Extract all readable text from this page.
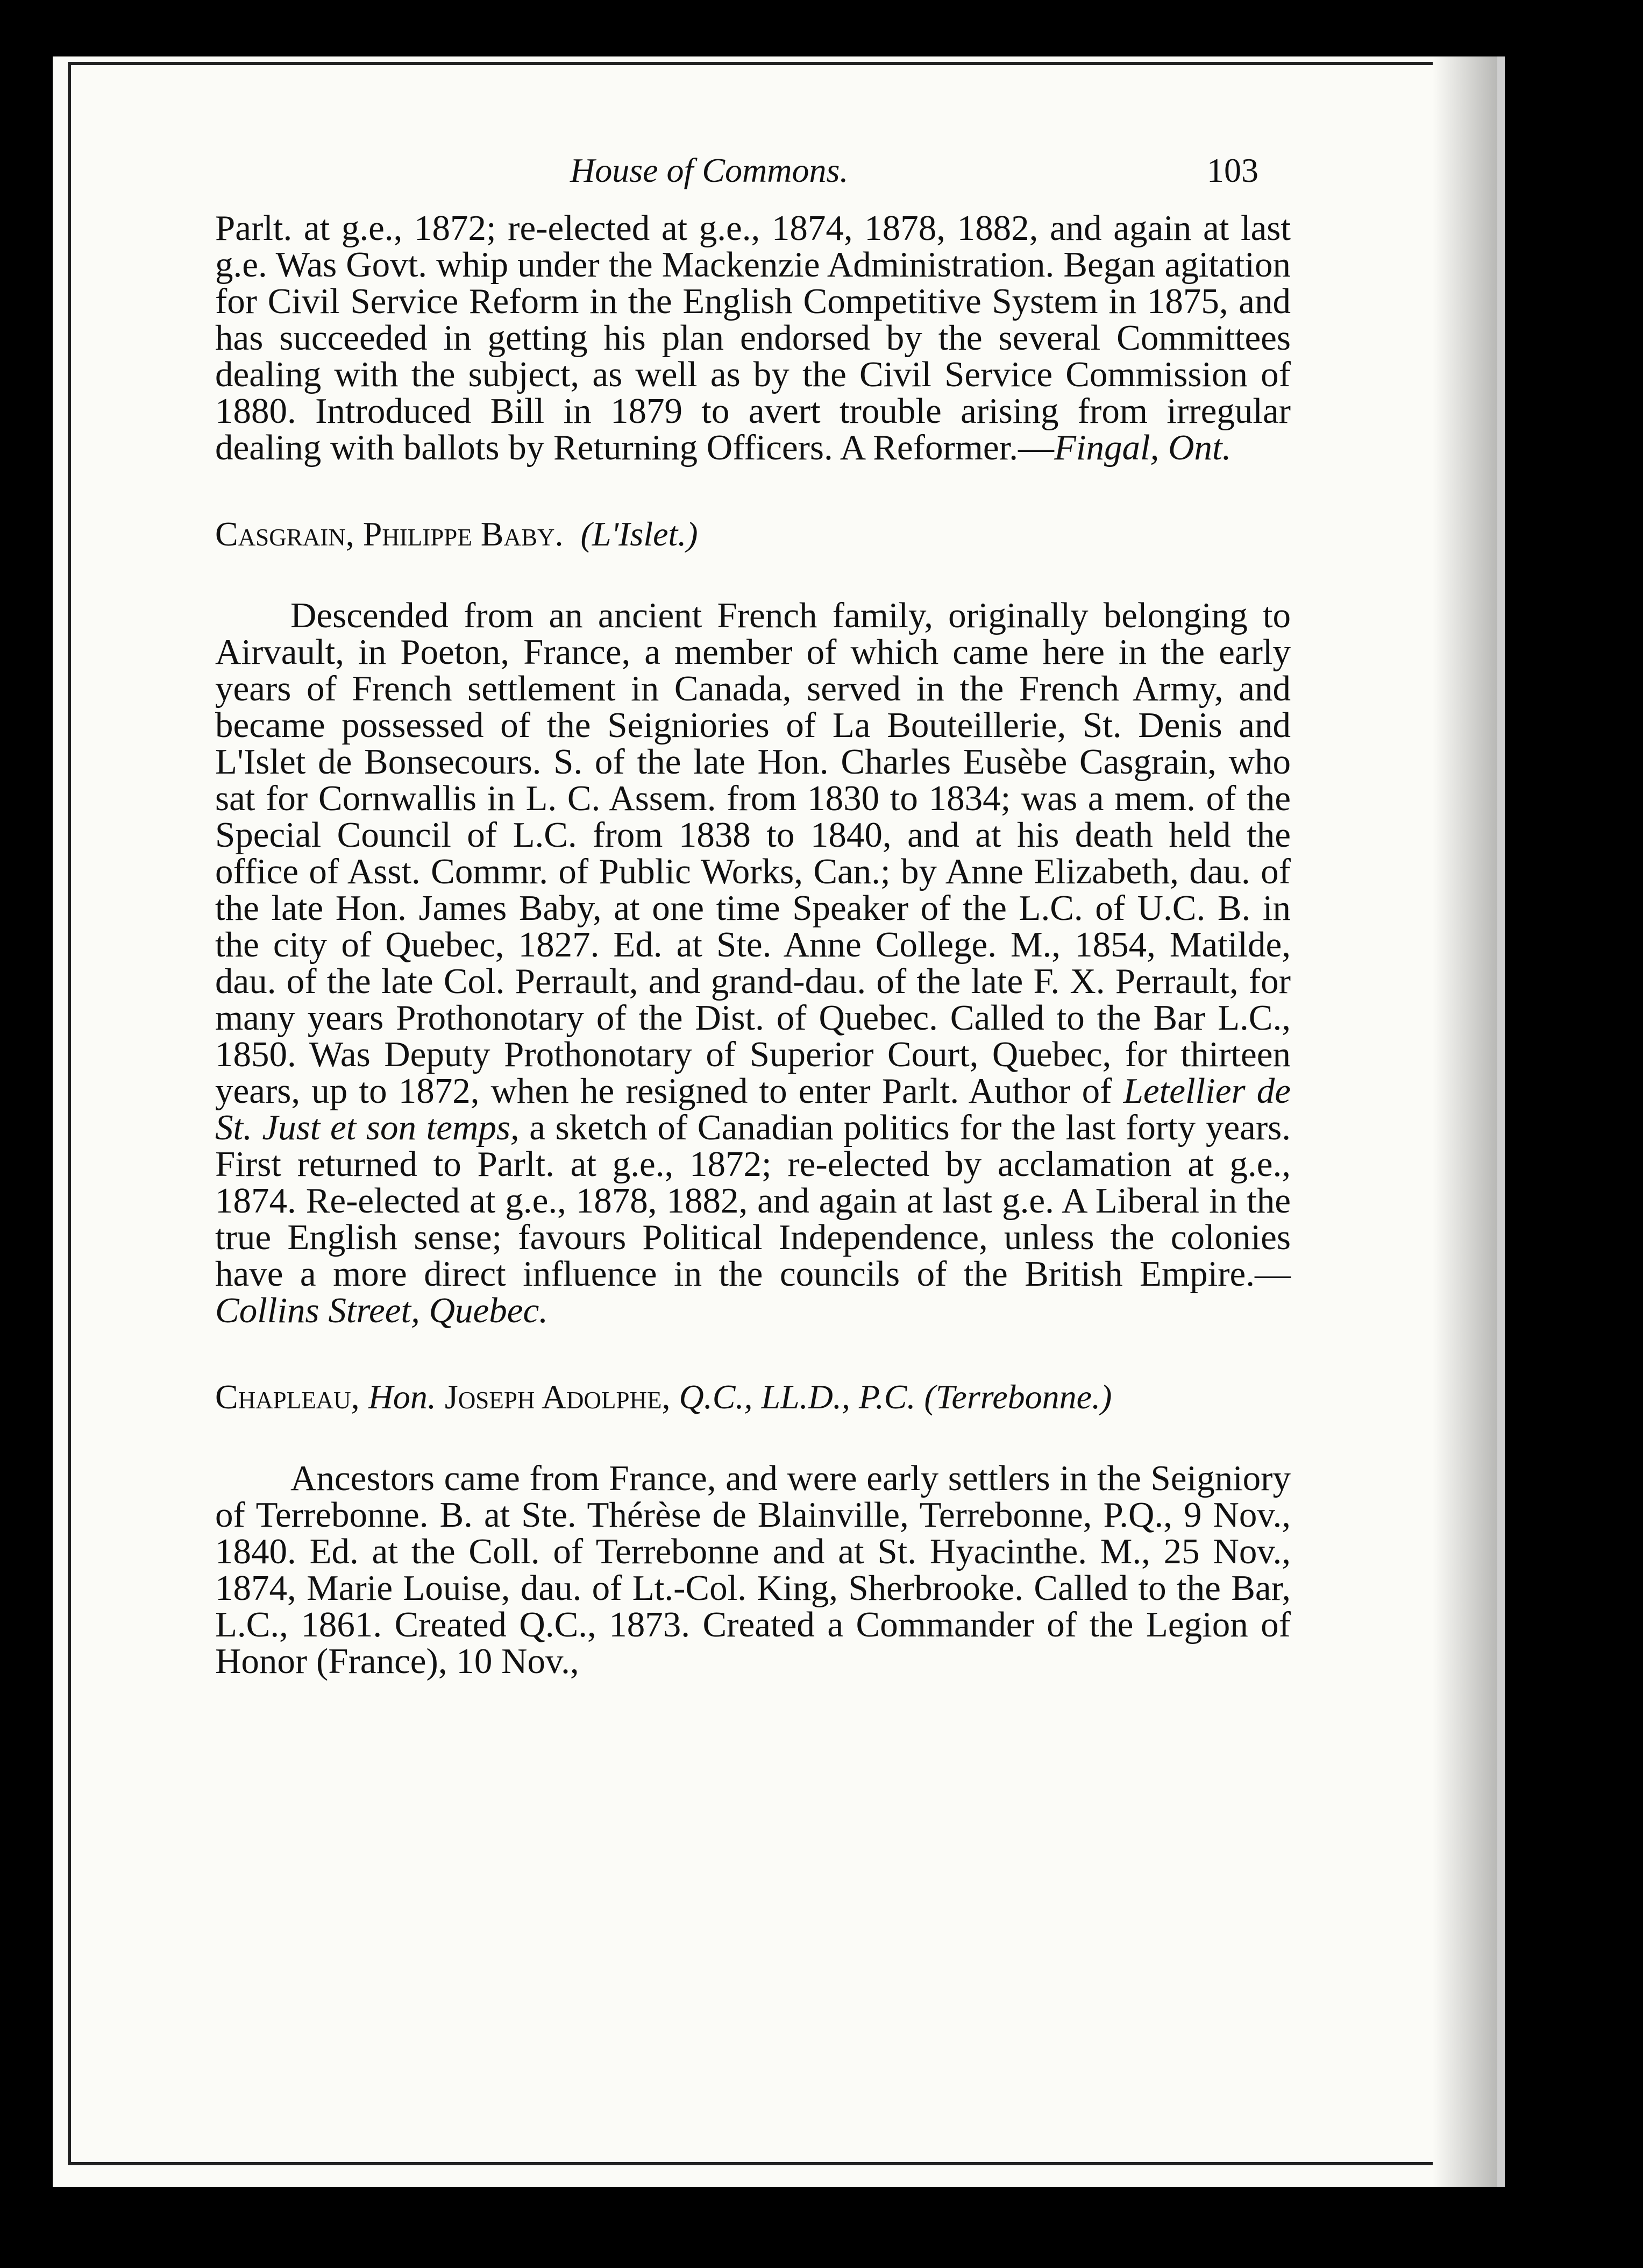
House of Commons.	103

Parlt. at g.e., 1872; re-elected at g.e., 1874, 1878, 1882, and again at last g.e. Was Govt. whip under the Mackenzie Administration. Began agitation for Civil Service Reform in the English Competitive System in 1875, and has succeeded in getting his plan endorsed by the several Committees dealing with the subject, as well as by the Civil Service Commission of 1880. Introduced Bill in 1879 to avert trouble arising from irregular dealing with ballots by Returning Officers. A Reformer.—Fingal, Ont.

Casgrain, Philippe Baby. (L'Islet.)

Descended from an ancient French family, originally belonging to Airvault, in Poeton, France, a member of which came here in the early years of French settlement in Canada, served in the French Army, and became possessed of the Seigniories of La Bouteillerie, St. Denis and L'Islet de Bonsecours. S. of the late Hon. Charles Eusèbe Casgrain, who sat for Cornwallis in L. C. Assem. from 1830 to 1834; was a mem. of the Special Council of L.C. from 1838 to 1840, and at his death held the office of Asst. Commr. of Public Works, Can.; by Anne Elizabeth, dau. of the late Hon. James Baby, at one time Speaker of the L.C. of U.C. B. in the city of Quebec, 1827. Ed. at Ste. Anne College. M., 1854, Matilde, dau. of the late Col. Perrault, and grand-dau. of the late F. X. Perrault, for many years Prothonotary of the Dist. of Quebec. Called to the Bar L.C., 1850. Was Deputy Prothonotary of Superior Court, Quebec, for thirteen years, up to 1872, when he resigned to enter Parlt. Author of Letellier de St. Just et son temps, a sketch of Canadian politics for the last forty years. First returned to Parlt. at g.e., 1872; re-elected by acclamation at g.e., 1874. Re-elected at g.e., 1878, 1882, and again at last g.e. A Liberal in the true English sense; favours Political Independence, unless the colonies have a more direct influence in the councils of the British Empire.—Collins Street, Quebec.

Chapleau, Hon. Joseph Adolphe, Q.C., LL.D., P.C. (Terrebonne.)

Ancestors came from France, and were early settlers in the Seigniory of Terrebonne. B. at Ste. Thérèse de Blainville, Terrebonne, P.Q., 9 Nov., 1840. Ed. at the Coll. of Terrebonne and at St. Hyacinthe. M., 25 Nov., 1874, Marie Louise, dau. of Lt.-Col. King, Sherbrooke. Called to the Bar, L.C., 1861. Created Q.C., 1873. Created a Commander of the Legion of Honor (France), 10 Nov.,
